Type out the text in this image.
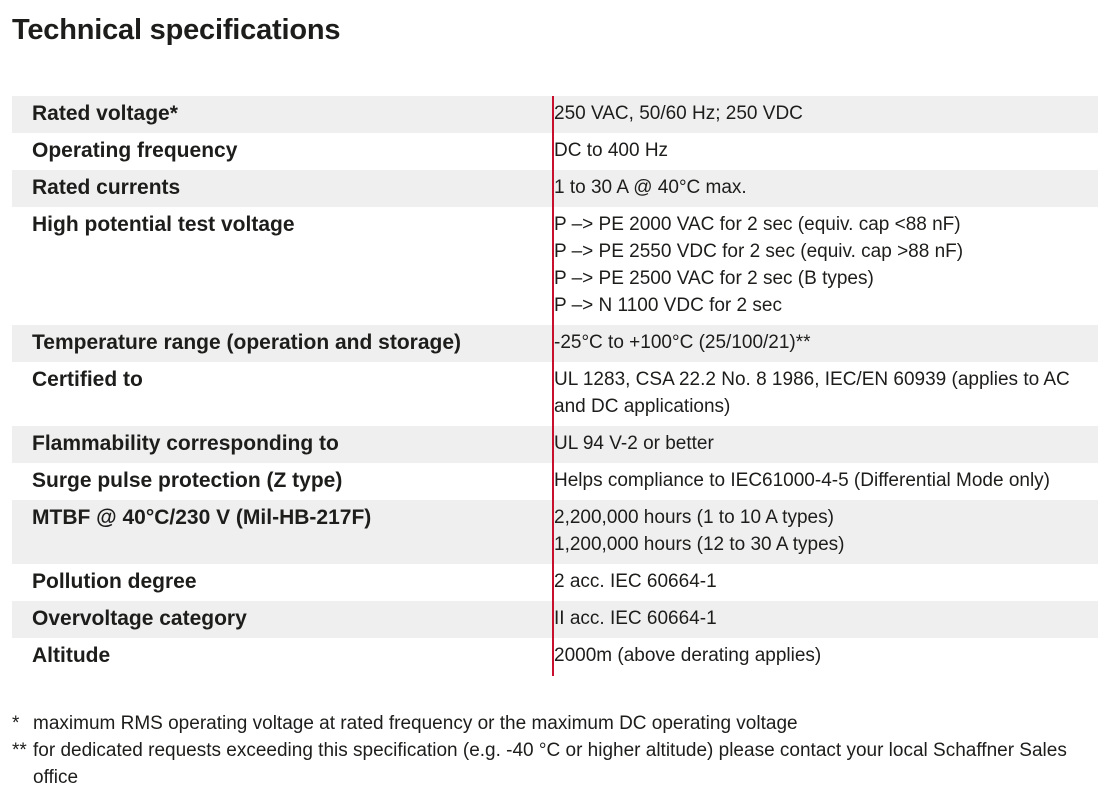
Technical specifications
Rated voltage*	250 VAC, 50/60 Hz; 250 VDC
Operating frequency	DC to 400 Hz
Rated currents	1 to 30 A @ 40°C max.
High potential test voltage	P –> PE 2000 VAC for 2 sec (equiv. cap <88 nF)
P –> PE 2550 VDC for 2 sec (equiv. cap >88 nF)
P –> PE 2500 VAC for 2 sec (B types)
P –> N 1100 VDC for 2 sec
Temperature range (operation and storage)	-25°C to +100°C (25/100/21)**
Certified to	UL 1283, CSA 22.2 No. 8 1986, IEC/EN 60939 (applies to AC and DC applications)
Flammability corresponding to	UL 94 V-2 or better
Surge pulse protection (Z type)	Helps compliance to IEC61000-4-5 (Differential Mode only)
MTBF @ 40°C/230 V (Mil-HB-217F)	2,200,000 hours (1 to 10 A types)
1,200,000 hours (12 to 30 A types)
Pollution degree	2 acc. IEC 60664-1
Overvoltage category	II acc. IEC 60664-1
Altitude	2000m (above derating applies)
* maximum RMS operating voltage at rated frequency or the maximum DC operating voltage
** for dedicated requests exceeding this specification (e.g. -40 °C or higher altitude) please contact your local Schaffner Sales office
